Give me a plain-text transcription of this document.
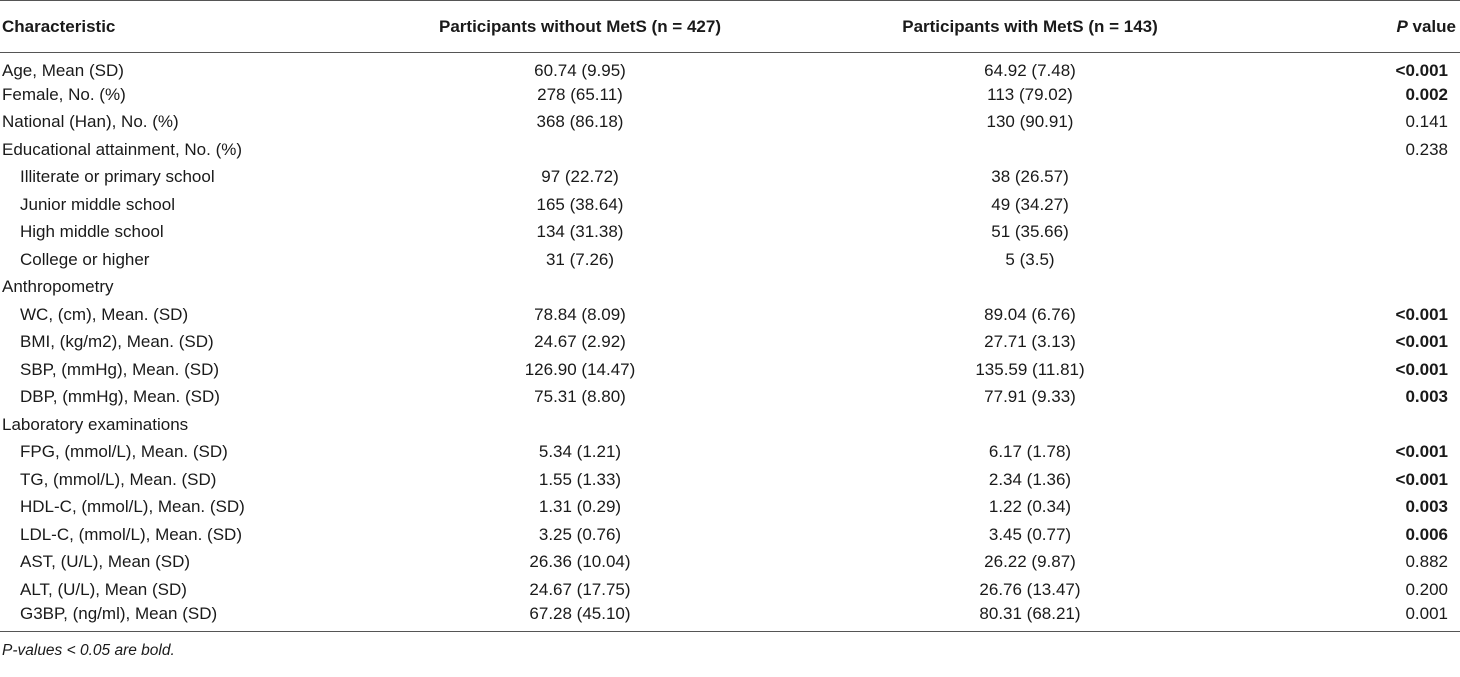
Characteristic	Participants without MetS (n = 427)	Participants with MetS (n = 143)	P value
Age, Mean (SD)	60.74 (9.95)	64.92 (7.48)	<0.001
Female, No. (%)	278 (65.11)	113 (79.02)	0.002
National (Han), No. (%)	368 (86.18)	130 (90.91)	0.141
Educational attainment, No. (%)			0.238
Illiterate or primary school	97 (22.72)	38 (26.57)	
Junior middle school	165 (38.64)	49 (34.27)	
High middle school	134 (31.38)	51 (35.66)	
College or higher	31 (7.26)	5 (3.5)	
Anthropometry			
WC, (cm), Mean. (SD)	78.84 (8.09)	89.04 (6.76)	<0.001
BMI, (kg/m2), Mean. (SD)	24.67 (2.92)	27.71 (3.13)	<0.001
SBP, (mmHg), Mean. (SD)	126.90 (14.47)	135.59 (11.81)	<0.001
DBP, (mmHg), Mean. (SD)	75.31 (8.80)	77.91 (9.33)	0.003
Laboratory examinations			
FPG, (mmol/L), Mean. (SD)	5.34 (1.21)	6.17 (1.78)	<0.001
TG, (mmol/L), Mean. (SD)	1.55 (1.33)	2.34 (1.36)	<0.001
HDL-C, (mmol/L), Mean. (SD)	1.31 (0.29)	1.22 (0.34)	0.003
LDL-C, (mmol/L), Mean. (SD)	3.25 (0.76)	3.45 (0.77)	0.006
AST, (U/L), Mean (SD)	26.36 (10.04)	26.22 (9.87)	0.882
ALT, (U/L), Mean (SD)	24.67 (17.75)	26.76 (13.47)	0.200
G3BP, (ng/ml), Mean (SD)	67.28 (45.10)	80.31 (68.21)	0.001
P-values < 0.05 are bold.
